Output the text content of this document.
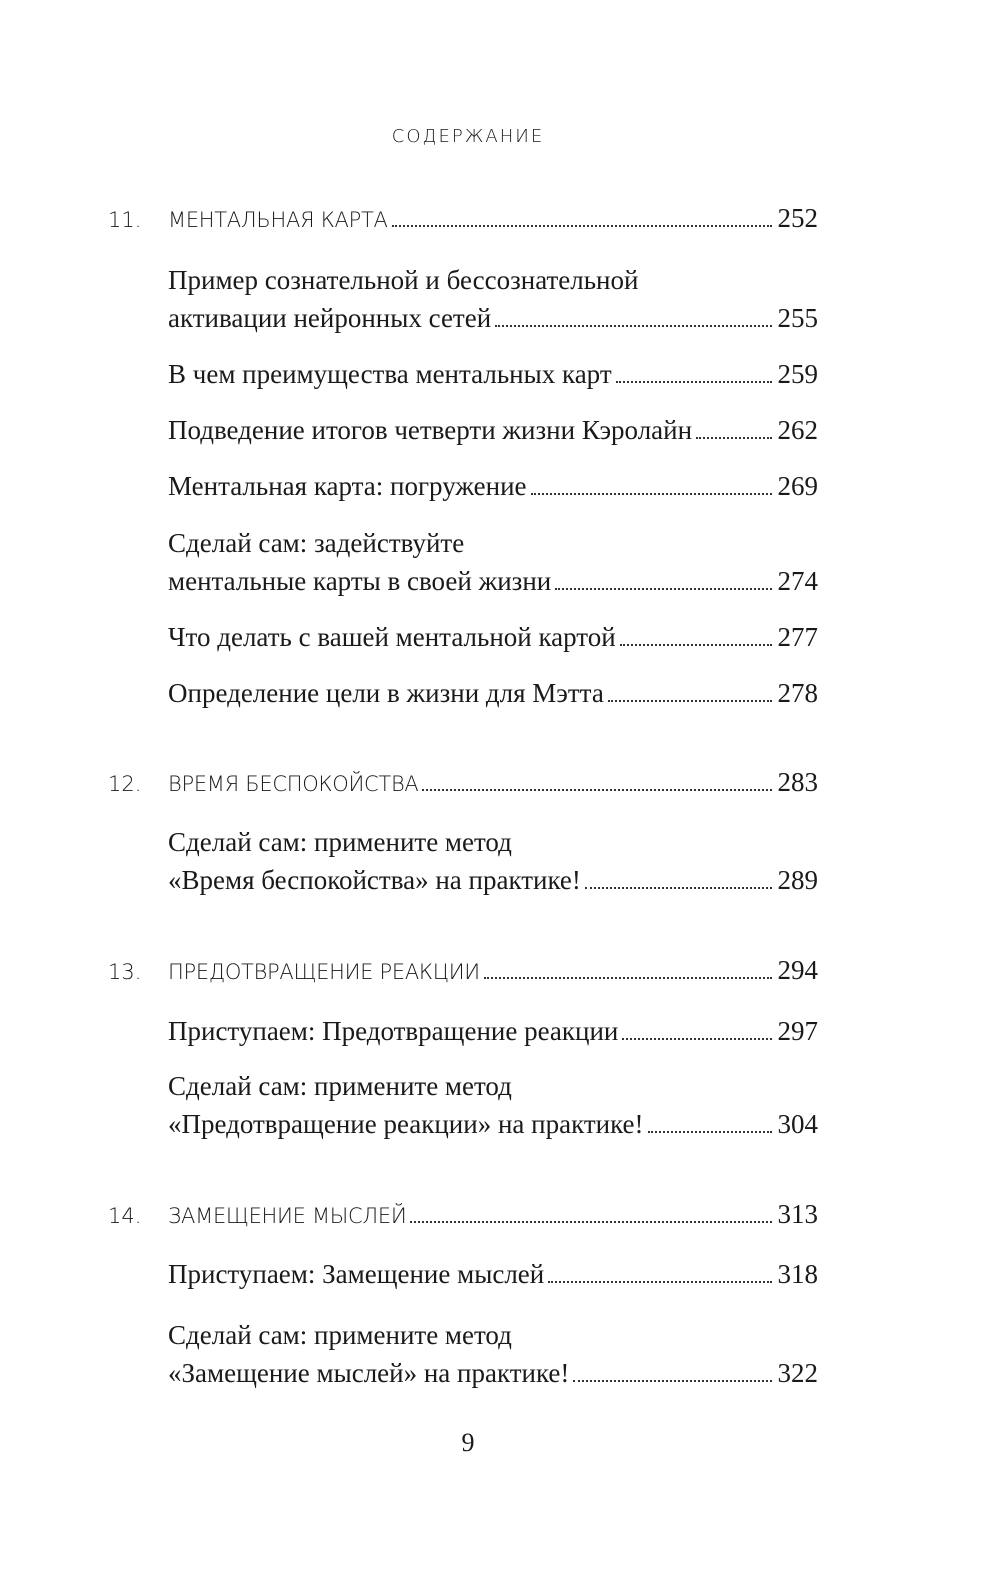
СОДЕРЖАНИЕ
11.	МЕНТАЛЬНАЯ КАРТА	252
Пример сознательной и бессознательной
активации нейронных сетей	255
В чем преимущества ментальных карт	259
Подведение итогов четверти жизни Кэролайн	262
Ментальная карта: погружение	269
Сделай сам: задействуйте
ментальные карты в своей жизни	274
Что делать с вашей ментальной картой	277
Определение цели в жизни для Мэтта	278
12.	ВРЕМЯ БЕСПОКОЙСТВА	283
Сделай сам: примените метод
«Время беспокойства» на практике!	289
13.	ПРЕДОТВРАЩЕНИЕ РЕАКЦИИ	294
Приступаем: Предотвращение реакции	297
Сделай сам: примените метод
«Предотвращение реакции» на практике!	304
14.	ЗАМЕЩЕНИЕ МЫСЛЕЙ	313
Приступаем: Замещение мыслей	318
Сделай сам: примените метод
«Замещение мыслей» на практике!	322
9
